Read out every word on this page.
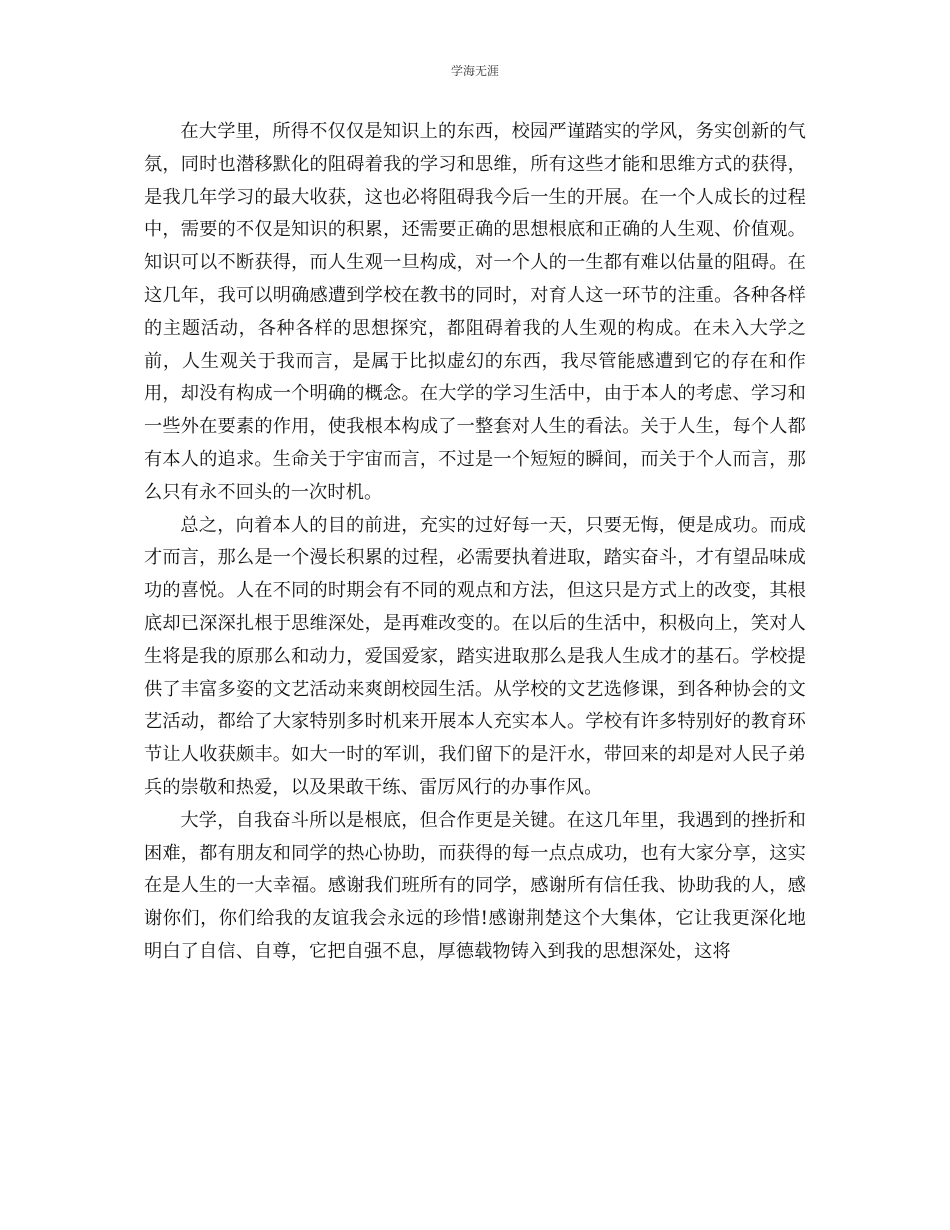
学海无涯

在大学里，所得不仅仅是知识上的东西，校园严谨踏实的学风，务实创新的气氛，同时也潜移默化的阻碍着我的学习和思维，所有这些才能和思维方式的获得，是我几年学习的最大收获，这也必将阻碍我今后一生的开展。在一个人成长的过程中，需要的不仅是知识的积累，还需要正确的思想根底和正确的人生观、价值观。知识可以不断获得，而人生观一旦构成，对一个人的一生都有难以估量的阻碍。在这几年，我可以明确感遭到学校在教书的同时，对育人这一环节的注重。各种各样的主题活动，各种各样的思想探究，都阻碍着我的人生观的构成。在未入大学之前，人生观关于我而言，是属于比拟虚幻的东西，我尽管能感遭到它的存在和作用，却没有构成一个明确的概念。在大学的学习生活中，由于本人的考虑、学习和一些外在要素的作用，使我根本构成了一整套对人生的看法。关于人生，每个人都有本人的追求。生命关于宇宙而言，不过是一个短短的瞬间，而关于个人而言，那么只有永不回头的一次时机。

总之，向着本人的目的前进，充实的过好每一天，只要无悔，便是成功。而成才而言，那么是一个漫长积累的过程，必需要执着进取，踏实奋斗，才有望品味成功的喜悦。人在不同的时期会有不同的观点和方法，但这只是方式上的改变，其根底却已深深扎根于思维深处，是再难改变的。在以后的生活中，积极向上，笑对人生将是我的原那么和动力，爱国爱家，踏实进取那么是我人生成才的基石。学校提供了丰富多姿的文艺活动来爽朗校园生活。从学校的文艺选修课，到各种协会的文艺活动，都给了大家特别多时机来开展本人充实本人。学校有许多特别好的教育环节让人收获颇丰。如大一时的军训，我们留下的是汗水，带回来的却是对人民子弟兵的崇敬和热爱，以及果敢干练、雷厉风行的办事作风。

大学，自我奋斗所以是根底，但合作更是关键。在这几年里，我遇到的挫折和困难，都有朋友和同学的热心协助，而获得的每一点点成功，也有大家分享，这实在是人生的一大幸福。感谢我们班所有的同学，感谢所有信任我、协助我的人，感谢你们，你们给我的友谊我会永远的珍惜!感谢荆楚这个大集体，它让我更深化地明白了自信、自尊，它把自强不息，厚德载物铸入到我的思想深处，这将
